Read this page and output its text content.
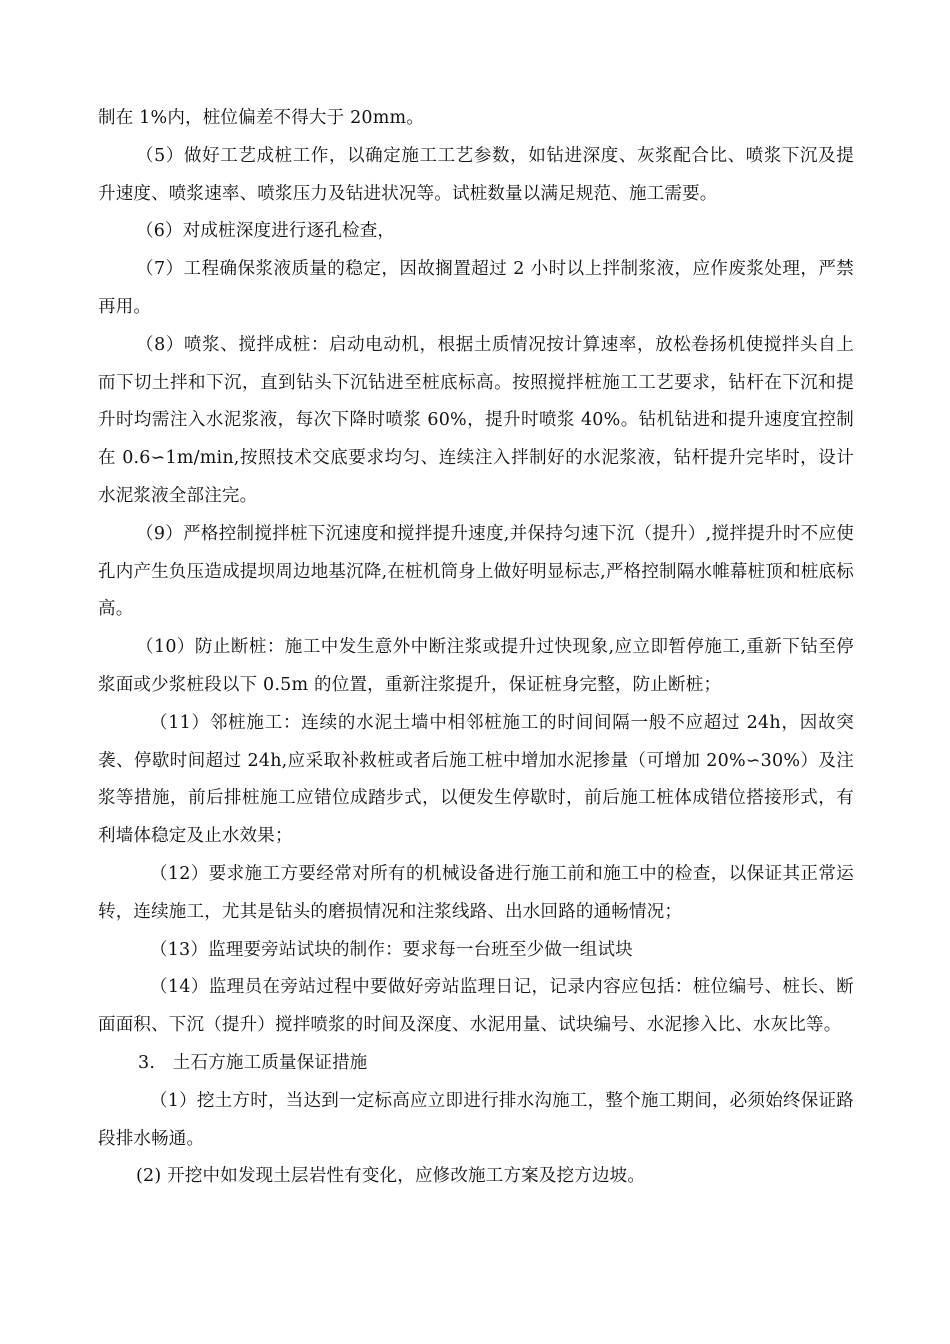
制在 1%内，桩位偏差不得大于 20mm。

（5）做好工艺成桩工作，以确定施工工艺参数，如钻进深度、灰浆配合比、喷浆下沉及提升速度、喷浆速率、喷浆压力及钻进状况等。试桩数量以满足规范、施工需要。

（6）对成桩深度进行逐孔检查，

（7）工程确保浆液质量的稳定，因故搁置超过 2 小时以上拌制浆液，应作废浆处理，严禁再用。

（8）喷浆、搅拌成桩：启动电动机，根据土质情况按计算速率，放松卷扬机使搅拌头自上而下切土拌和下沉，直到钻头下沉钻进至桩底标高。按照搅拌桩施工工艺要求，钻杆在下沉和提升时均需注入水泥浆液，每次下降时喷浆 60%，提升时喷浆 40%。钻机钻进和提升速度宜控制在 0.6∽1m/min,按照技术交底要求均匀、连续注入拌制好的水泥浆液，钻杆提升完毕时，设计水泥浆液全部注完。

（9）严格控制搅拌桩下沉速度和搅拌提升速度,并保持匀速下沉（提升）,搅拌提升时不应使孔内产生负压造成提坝周边地基沉降,在桩机筒身上做好明显标志,严格控制隔水帷幕桩顶和桩底标高。

（10）防止断桩：施工中发生意外中断注浆或提升过快现象,应立即暂停施工,重新下钻至停浆面或少浆桩段以下 0.5m 的位置，重新注浆提升，保证桩身完整，防止断桩；

（11）邻桩施工：连续的水泥土墙中相邻桩施工的时间间隔一般不应超过 24h，因故突袭、停歇时间超过 24h,应采取补救桩或者后施工桩中增加水泥掺量（可增加 20%∽30%）及注浆等措施，前后排桩施工应错位成踏步式，以便发生停歇时，前后施工桩体成错位搭接形式，有利墙体稳定及止水效果；

（12）要求施工方要经常对所有的机械设备进行施工前和施工中的检查，以保证其正常运转，连续施工，尤其是钻头的磨损情况和注浆线路、出水回路的通畅情况；

（13）监理要旁站试块的制作：要求每一台班至少做一组试块

（14）监理员在旁站过程中要做好旁站监理日记，记录内容应包括：桩位编号、桩长、断面面积、下沉（提升）搅拌喷浆的时间及深度、水泥用量、试块编号、水泥掺入比、水灰比等。

3.　土石方施工质量保证措施

（1）挖土方时，当达到一定标高应立即进行排水沟施工，整个施工期间，必须始终保证路段排水畅通。

(2) 开挖中如发现土层岩性有变化，应修改施工方案及挖方边坡。
